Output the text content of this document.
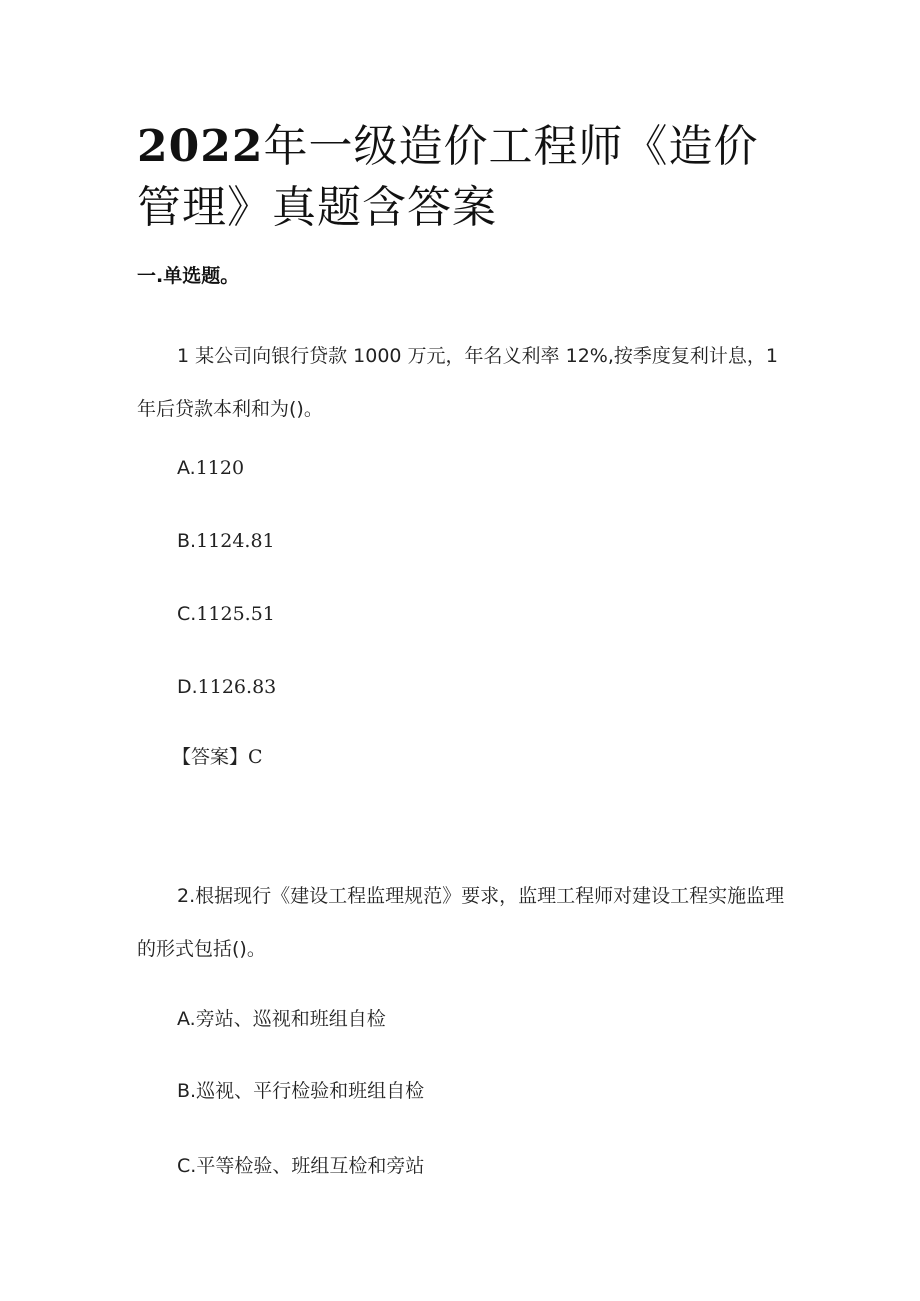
2022年一级造价工程师《造价管理》真题含答案

一.单选题。

1 某公司向银行贷款 1000 万元，年名义利率 12%,按季度复利计息，1 年后贷款本利和为()。

A.1120

B.1124.81

C.1125.51

D.1126.83

【答案】C

2.根据现行《建设工程监理规范》要求，监理工程师对建设工程实施监理的形式包括()。

A.旁站、巡视和班组自检

B.巡视、平行检验和班组自检

C.平等检验、班组互检和旁站
